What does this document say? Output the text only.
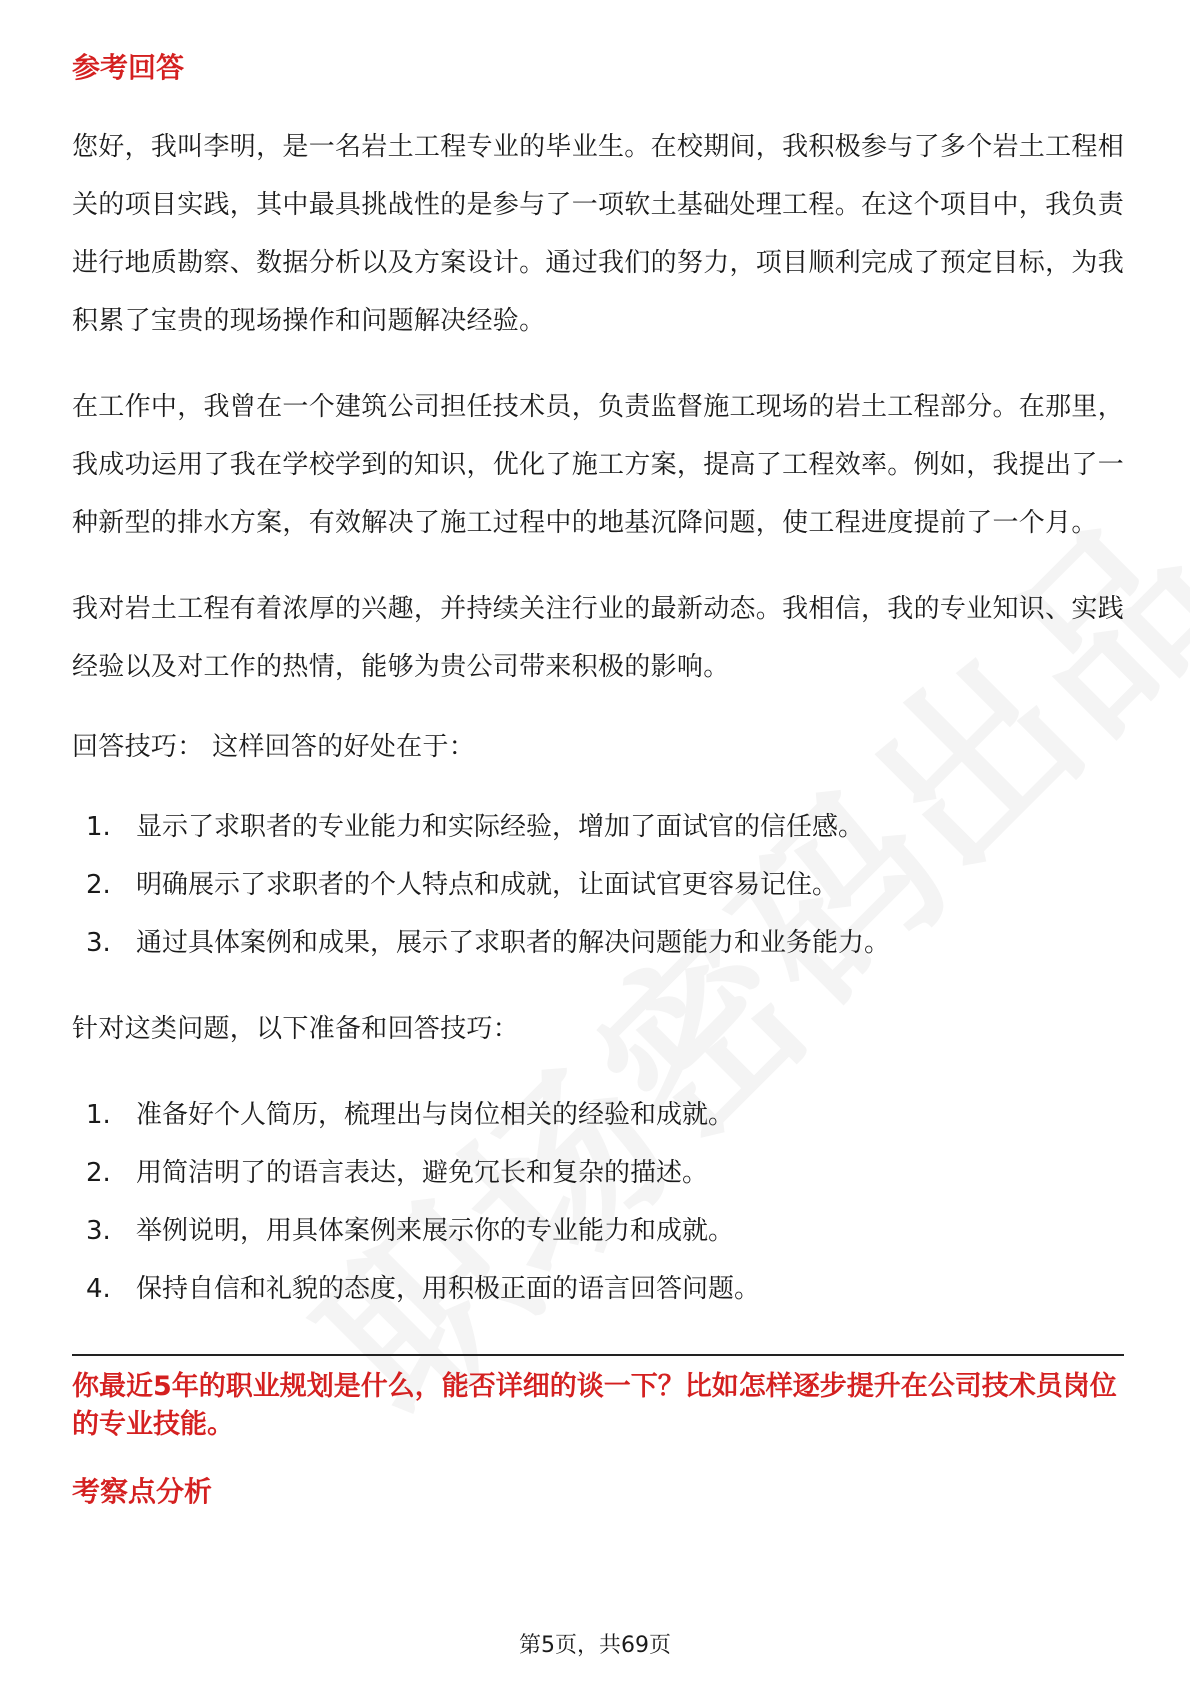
参考回答

您好，我叫李明，是一名岩土工程专业的毕业生。在校期间，我积极参与了多个岩土工程相关的项目实践，其中最具挑战性的是参与了一项软土基础处理工程。在这个项目中，我负责进行地质勘察、数据分析以及方案设计。通过我们的努力，项目顺利完成了预定目标，为我积累了宝贵的现场操作和问题解决经验。

在工作中，我曾在一个建筑公司担任技术员，负责监督施工现场的岩土工程部分。在那里，我成功运用了我在学校学到的知识，优化了施工方案，提高了工程效率。例如，我提出了一种新型的排水方案，有效解决了施工过程中的地基沉降问题，使工程进度提前了一个月。

我对岩土工程有着浓厚的兴趣，并持续关注行业的最新动态。我相信，我的专业知识、实践经验以及对工作的热情，能够为贵公司带来积极的影响。

回答技巧： 这样回答的好处在于：

1. 显示了求职者的专业能力和实际经验，增加了面试官的信任感。
2. 明确展示了求职者的个人特点和成就，让面试官更容易记住。
3. 通过具体案例和成果，展示了求职者的解决问题能力和业务能力。

针对这类问题，以下准备和回答技巧：

1. 准备好个人简历，梳理出与岗位相关的经验和成就。
2. 用简洁明了的语言表达，避免冗长和复杂的描述。
3. 举例说明，用具体案例来展示你的专业能力和成就。
4. 保持自信和礼貌的态度，用积极正面的语言回答问题。
你最近5年的职业规划是什么，能否详细的谈一下？比如怎样逐步提升在公司技术员岗位的专业技能。
考察点分析
第5页，共69页
